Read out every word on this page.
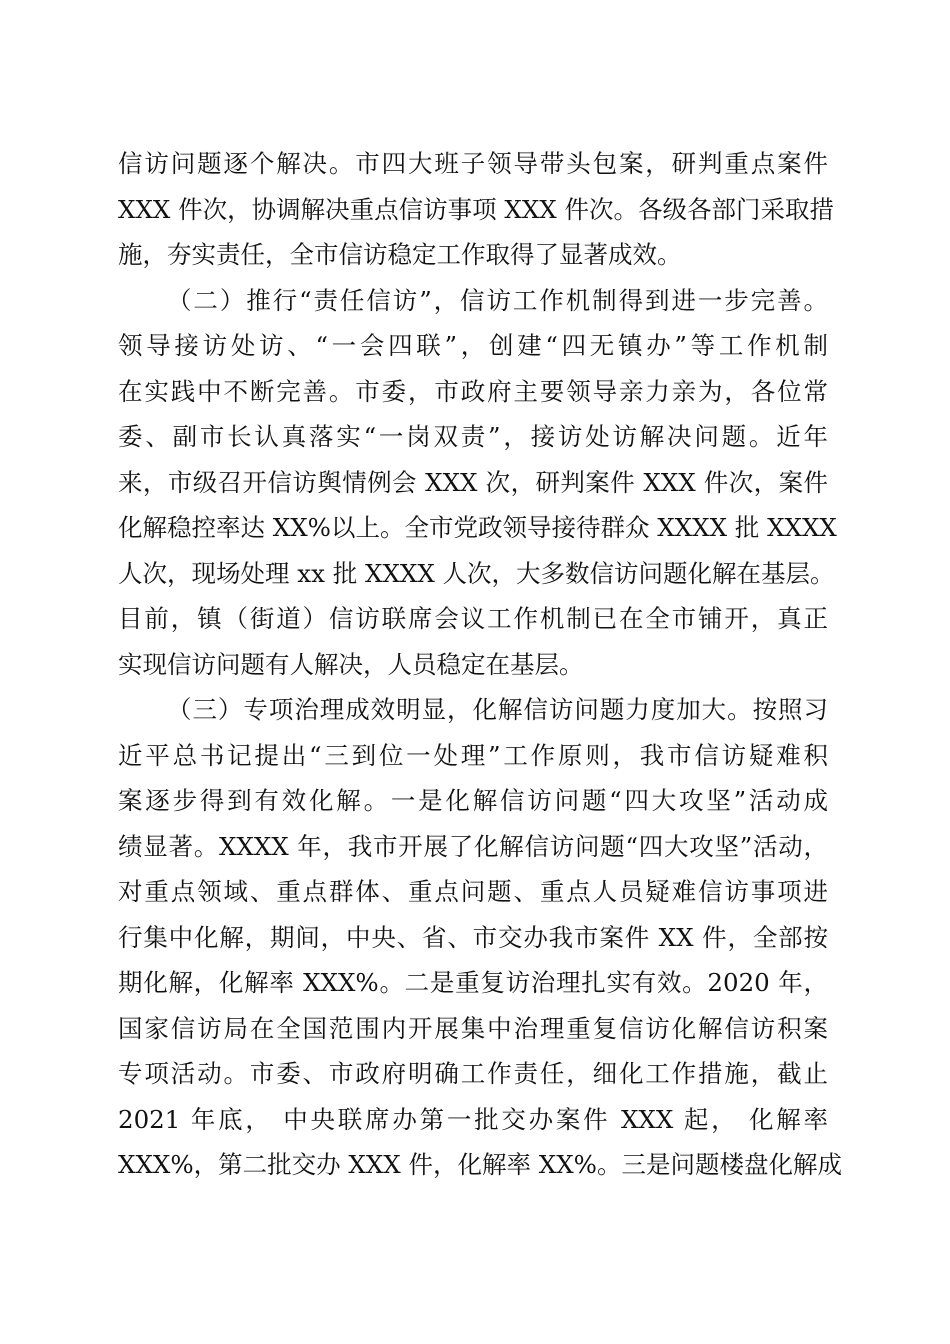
信访问题逐个解决。市四大班子领导带头包案，研判重点案件
XXX 件次，协调解决重点信访事项 XXX 件次。各级各部门采取措
施，夯实责任，全市信访稳定工作取得了显著成效。
（二）推行“责任信访”，信访工作机制得到进一步完善。
领导接访处访、“一会四联”，创建“四无镇办”等工作机制
在实践中不断完善。市委，市政府主要领导亲力亲为，各位常
委、副市长认真落实“一岗双责”，接访处访解决问题。近年
来，市级召开信访舆情例会 XXX 次，研判案件 XXX 件次，案件
化解稳控率达 XX%以上。全市党政领导接待群众 XXXX 批 XXXX
人次，现场处理 xx 批 XXXX 人次，大多数信访问题化解在基层。
目前，镇（街道）信访联席会议工作机制已在全市铺开，真正
实现信访问题有人解决，人员稳定在基层。
（三）专项治理成效明显，化解信访问题力度加大。按照习
近平总书记提出“三到位一处理”工作原则，我市信访疑难积
案逐步得到有效化解。一是化解信访问题“四大攻坚”活动成
绩显著。XXXX 年，我市开展了化解信访问题“四大攻坚”活动，
对重点领域、重点群体、重点问题、重点人员疑难信访事项进
行集中化解，期间，中央、省、市交办我市案件 XX 件，全部按
期化解，化解率 XXX%。二是重复访治理扎实有效。2020 年，
国家信访局在全国范围内开展集中治理重复信访化解信访积案
专项活动。市委、市政府明确工作责任，细化工作措施，截止
2021 年底， 中央联席办第一批交办案件 XXX 起， 化解率
XXX%，第二批交办 XXX 件，化解率 XX%。三是问题楼盘化解成
